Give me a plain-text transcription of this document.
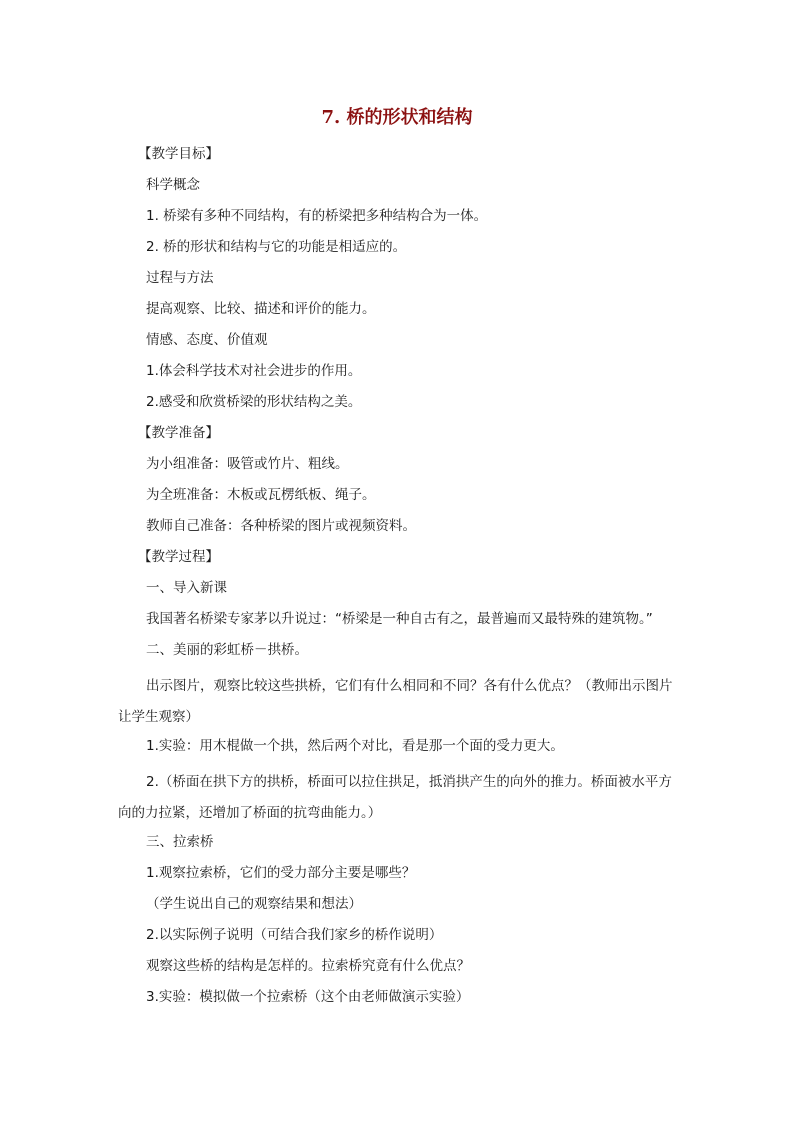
7. 桥的形状和结构
【教学目标】
科学概念
1. 桥梁有多种不同结构，有的桥梁把多种结构合为一体。
2. 桥的形状和结构与它的功能是相适应的。
过程与方法
提高观察、比较、描述和评价的能力。
情感、态度、价值观
1.体会科学技术对社会进步的作用。
2.感受和欣赏桥梁的形状结构之美。
【教学准备】
为小组准备：吸管或竹片、粗线。
为全班准备：木板或瓦楞纸板、绳子。
教师自己准备：各种桥梁的图片或视频资料。
【教学过程】
一、导入新课
我国著名桥梁专家茅以升说过：“桥梁是一种自古有之，最普遍而又最特殊的建筑物。”
二、美丽的彩虹桥－拱桥。
出示图片，观察比较这些拱桥，它们有什么相同和不同？各有什么优点？（教师出示图片让学生观察）
1.实验：用木棍做一个拱，然后两个对比，看是那一个面的受力更大。
2.（桥面在拱下方的拱桥，桥面可以拉住拱足，抵消拱产生的向外的推力。桥面被水平方向的力拉紧，还增加了桥面的抗弯曲能力。）
三、拉索桥
1.观察拉索桥，它们的受力部分主要是哪些？
（学生说出自己的观察结果和想法）
2.以实际例子说明（可结合我们家乡的桥作说明）
观察这些桥的结构是怎样的。拉索桥究竟有什么优点？
3.实验：模拟做一个拉索桥（这个由老师做演示实验）
